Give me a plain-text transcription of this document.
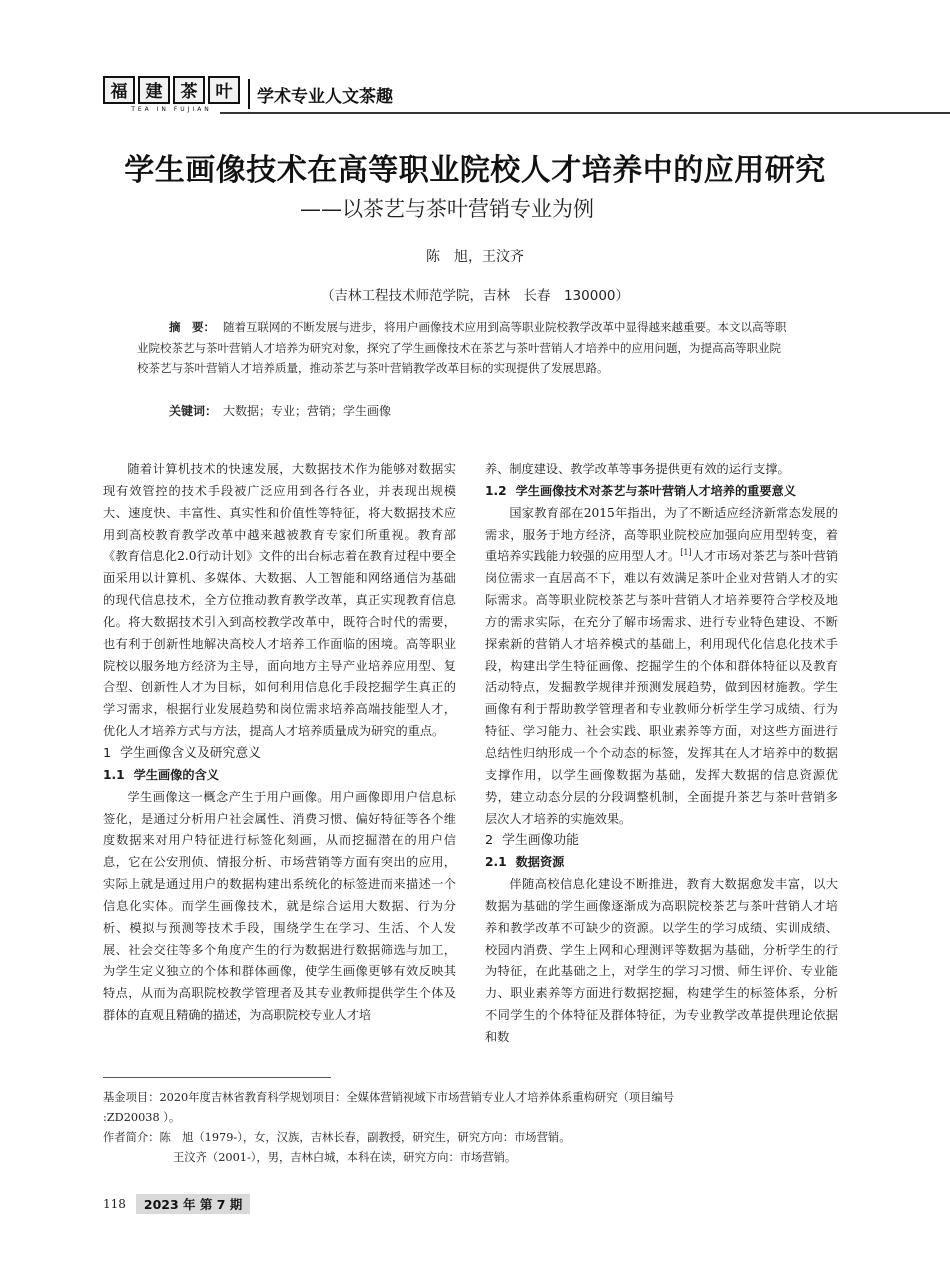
福	建	茶	叶
TEA IN FUJIAN
学术专业人文茶趣
学生画像技术在高等职业院校人才培养中的应用研究
——以茶艺与茶叶营销专业为例
陈　旭，王汶齐
（吉林工程技术师范学院，吉林　长春　130000）
摘　要： 随着互联网的不断发展与进步，将用户画像技术应用到高等职业院校教学改革中显得越来越重要。本文以高等职业院校茶艺与茶叶营销人才培养为研究对象，探究了学生画像技术在茶艺与茶叶营销人才培养中的应用问题，为提高高等职业院校茶艺与茶叶营销人才培养质量，推动茶艺与茶叶营销教学改革目标的实现提供了发展思路。
关键词： 大数据；专业；营销；学生画像

随着计算机技术的快速发展，大数据技术作为能够对数据实现有效管控的技术手段被广泛应用到各行各业，并表现出规模大、速度快、丰富性、真实性和价值性等特征，将大数据技术应用到高校教育教学改革中越来越被教育专家们所重视。教育部《教育信息化2.0行动计划》文件的出台标志着在教育过程中要全面采用以计算机、多媒体、大数据、人工智能和网络通信为基础的现代信息技术，全方位推动教育教学改革，真正实现教育信息化。将大数据技术引入到高校教学改革中，既符合时代的需要，也有利于创新性地解决高校人才培养工作面临的困境。高等职业院校以服务地方经济为主导，面向地方主导产业培养应用型、复合型、创新性人才为目标，如何利用信息化手段挖掘学生真正的学习需求，根据行业发展趋势和岗位需求培养高端技能型人才，优化人才培养方式与方法，提高人才培养质量成为研究的重点。

1 学生画像含义及研究意义
1.1 学生画像的含义

学生画像这一概念产生于用户画像。用户画像即用户信息标签化，是通过分析用户社会属性、消费习惯、偏好特征等各个维度数据来对用户特征进行标签化刻画，从而挖掘潜在的用户信息，它在公安刑侦、情报分析、市场营销等方面有突出的应用，实际上就是通过用户的数据构建出系统化的标签进而来描述一个信息化实体。而学生画像技术，就是综合运用大数据、行为分析、模拟与预测等技术手段，围绕学生在学习、生活、个人发展、社会交往等多个角度产生的行为数据进行数据筛选与加工，为学生定义独立的个体和群体画像，使学生画像更够有效反映其特点，从而为高职院校教学管理者及其专业教师提供学生个体及群体的直观且精确的描述，为高职院校专业人才培

养、制度建设、教学改革等事务提供更有效的运行支撑。

1.2 学生画像技术对茶艺与茶叶营销人才培养的重要意义

国家教育部在2015年指出，为了不断适应经济新常态发展的需求，服务于地方经济，高等职业院校应加强向应用型转变，着重培养实践能力较强的应用型人才。[1]人才市场对茶艺与茶叶营销岗位需求一直居高不下，难以有效满足茶叶企业对营销人才的实际需求。高等职业院校茶艺与茶叶营销人才培养要符合学校及地方的需求实际，在充分了解市场需求、进行专业特色建设、不断探索新的营销人才培养模式的基础上，利用现代化信息化技术手段，构建出学生特征画像、挖掘学生的个体和群体特征以及教育活动特点，发掘教学规律并预测发展趋势，做到因材施教。学生画像有利于帮助教学管理者和专业教师分析学生学习成绩、行为特征、学习能力、社会实践、职业素养等方面，对这些方面进行总结性归纳形成一个个动态的标签，发挥其在人才培养中的数据支撑作用，以学生画像数据为基础，发挥大数据的信息资源优势，建立动态分层的分段调整机制，全面提升茶艺与茶叶营销多层次人才培养的实施效果。

2 学生画像功能
2.1 数据资源

伴随高校信息化建设不断推进，教育大数据愈发丰富，以大数据为基础的学生画像逐渐成为高职院校茶艺与茶叶营销人才培养和教学改革不可缺少的资源。以学生的学习成绩、实训成绩、校园内消费、学生上网和心理测评等数据为基础，分析学生的行为特征，在此基础之上，对学生的学习习惯、师生评价、专业能力、职业素养等方面进行数据挖掘，构建学生的标签体系，分析不同学生的个体特征及群体特征，为专业教学改革提供理论依据和数

基金项目：2020年度吉林省教育科学规划项目：全媒体营销视域下市场营销专业人才培养体系重构研究（项目编号
:ZD20038 ）。
作者简介：陈　旭（1979-），女，汉族，吉林长春，副教授，研究生，研究方向：市场营销。
王汶齐（2001-），男，吉林白城，本科在读，研究方向：市场营销。
118	2023 年 第 7 期
